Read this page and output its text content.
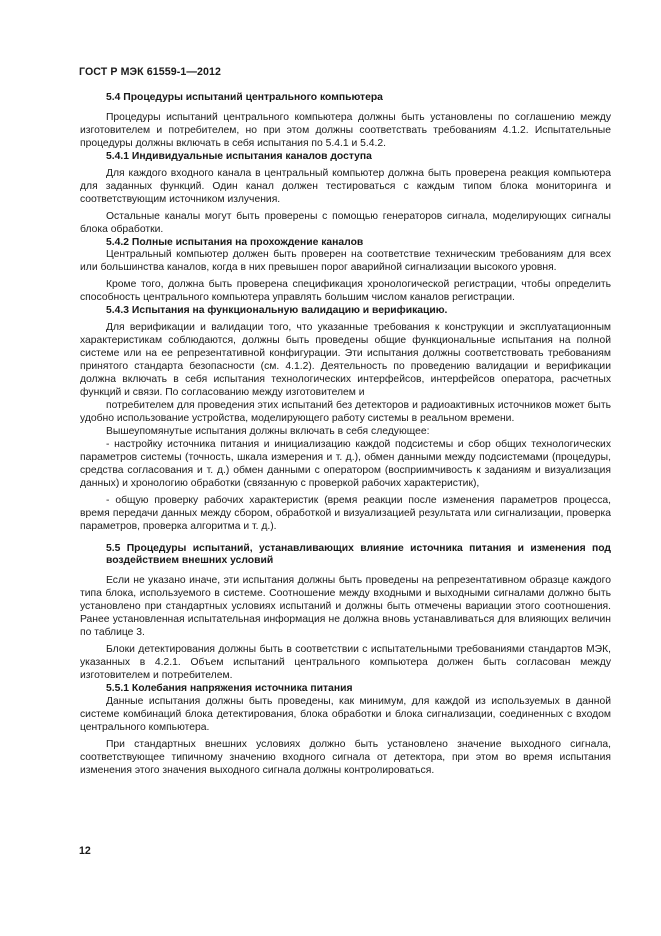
ГОСТ Р МЭК 61559-1—2012

5.4 Процедуры испытаний центрального компьютера

Процедуры испытаний центрального компьютера должны быть установлены по соглашению между изготовителем и потребителем, но при этом должны соответствать требованиям 4.1.2. Испытательные процедуры должны включать в себя испытания по 5.4.1 и 5.4.2.

5.4.1 Индивидуальные испытания каналов доступа

Для каждого входного канала в центральный компьютер должна быть проверена реакция компьютера для заданных функций. Один канал должен тестироваться с каждым типом блока мониторинга и соответствующим источником излучения.

Остальные каналы могут быть проверены с помощью генераторов сигнала, моделирующих сигналы блока обработки.

5.4.2 Полные испытания на прохождение каналов

Центральный компьютер должен быть проверен на соответствие техническим требованиям для всех или большинства каналов, когда в них превышен порог аварийной сигнализации высокого уровня.

Кроме того, должна быть проверена спецификация хронологической регистрации, чтобы определить способность центрального компьютера управлять большим числом каналов регистрации.

5.4.3 Испытания на функциональную валидацию и верификацию.

Для верификации и валидации того, что указанные требования к конструкции и эксплуатационным характеристикам соблюдаются, должны быть проведены общие функциональные испытания на полной системе или на ее репрезентативной конфигурации. Эти испытания должны соответствовать требованиям принятого стандарта безопасности (см. 4.1.2). Деятельность по проведению валидации и верификации должна включать в себя испытания технологических интерфейсов, интерфейсов оператора, расчетных функций и связи. По согласованию между изготовителем и

потребителем для проведения этих испытаний без детекторов и радиоактивных источников может быть удобно использование устройства, моделирующего работу системы в реальном времени.

Вышеупомянутые испытания должны включать в себя следующее:

- настройку источника питания и инициализацию каждой подсистемы и сбор общих технологических параметров системы (точность, шкала измерения и т. д.), обмен данными между подсистемами (процедуры, средства согласования и т. д.) обмен данными с оператором (восприимчивость к заданиям и визуализация данных) и хронологию обработки (связанную с проверкой рабочих характеристик),

- общую проверку рабочих характеристик (время реакции после изменения параметров процесса, время передачи данных между сбором, обработкой и визуализацией результата или сигнализации, проверка параметров, проверка алгоритма и т. д.).

5.5 Процедуры испытаний, устанавливающих влияние источника питания и изменения под воздействием внешних условий

Если не указано иначе, эти испытания должны быть проведены на репрезентативном образце каждого типа блока, используемого в системе. Соотношение между входными и выходными сигналами должно быть установлено при стандартных условиях испытаний и должны быть отмечены вариации этого соотношения. Ранее установленная испытательная информация не должна вновь устанавливаться для влияющих величин по таблице 3.

Блоки детектирования должны быть в соответствии с испытательными требованиями стандартов МЭК, указанных в 4.2.1. Объем испытаний центрального компьютера должен быть согласован между изготовителем и потребителем.

5.5.1 Колебания напряжения источника питания

Данные испытания должны быть проведены, как минимум, для каждой из используемых в данной системе комбинаций блока детектирования, блока обработки и блока сигнализации, соединенных с входом центрального компьютера.

При стандартных внешних условиях должно быть установлено значение выходного сигнала, соответствующее типичному значению входного сигнала от детектора, при этом во время испытания изменения этого значения выходного сигнала должны контролироваться.

12
